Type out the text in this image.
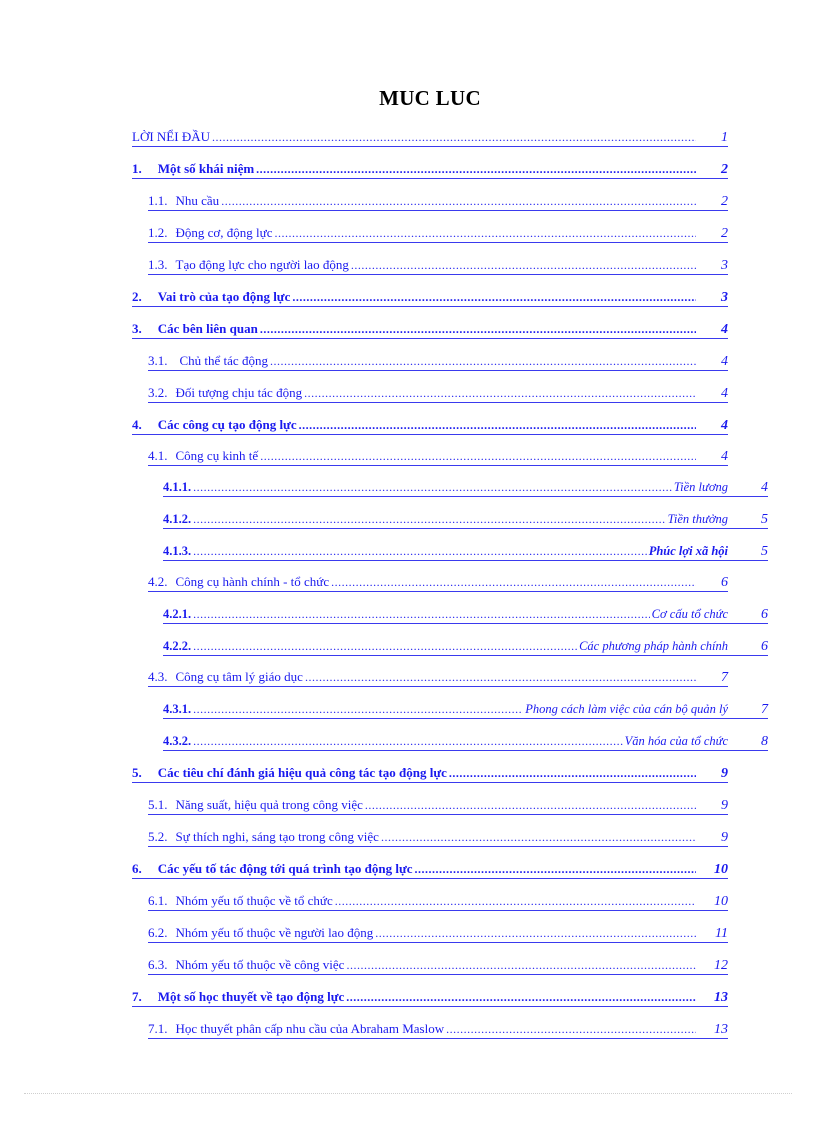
MUC LUC
LỜI NỂI ĐẦU .....	1
1. Một số khái niệm .....	2
1.1. Nhu cầu .....	2
1.2. Động cơ, động lực .....	2
1.3. Tạo động lực cho người lao động .....	3
2. Vai trò của tạo động lực .....	3
3. Các bên liên quan .....	4
3.1. Chủ thể tác động .....	4
3.2. Đối tượng chịu tác động .....	4
4. Các công cụ tạo động lực .....	4
4.1. Công cụ kinh tế .....	4
4.1.1. .....	Tiền lương	4
4.1.2. .....	Tiền thưởng	5
4.1.3. .....	Phúc lợi xã hội	5
4.2. Công cụ hành chính - tổ chức .....	6
4.2.1. .....	Cơ cấu tổ chức	6
4.2.2. .....	Các phương pháp hành chính	6
4.3. Công cụ tâm lý giáo dục .....	7
4.3.1. .....	Phong cách làm việc của cán bộ quản lý	7
4.3.2. .....	Văn hóa của tổ chức	8
5. Các tiêu chí đánh giá hiệu quả công tác tạo động lực .....	9
5.1. Năng suất, hiệu quả trong công việc .....	9
5.2. Sự thích nghi, sáng tạo trong công việc .....	9
6. Các yếu tố tác động tới quá trình tạo động lực .....	10
6.1. Nhóm yếu tố thuộc về tổ chức .....	10
6.2. Nhóm yếu tố thuộc về người lao động .....	11
6.3. Nhóm yếu tố thuộc về công việc .....	12
7. Một số học thuyết về tạo động lực .....	13
7.1. Học thuyết phân cấp nhu cầu của Abraham Maslow .....	13
